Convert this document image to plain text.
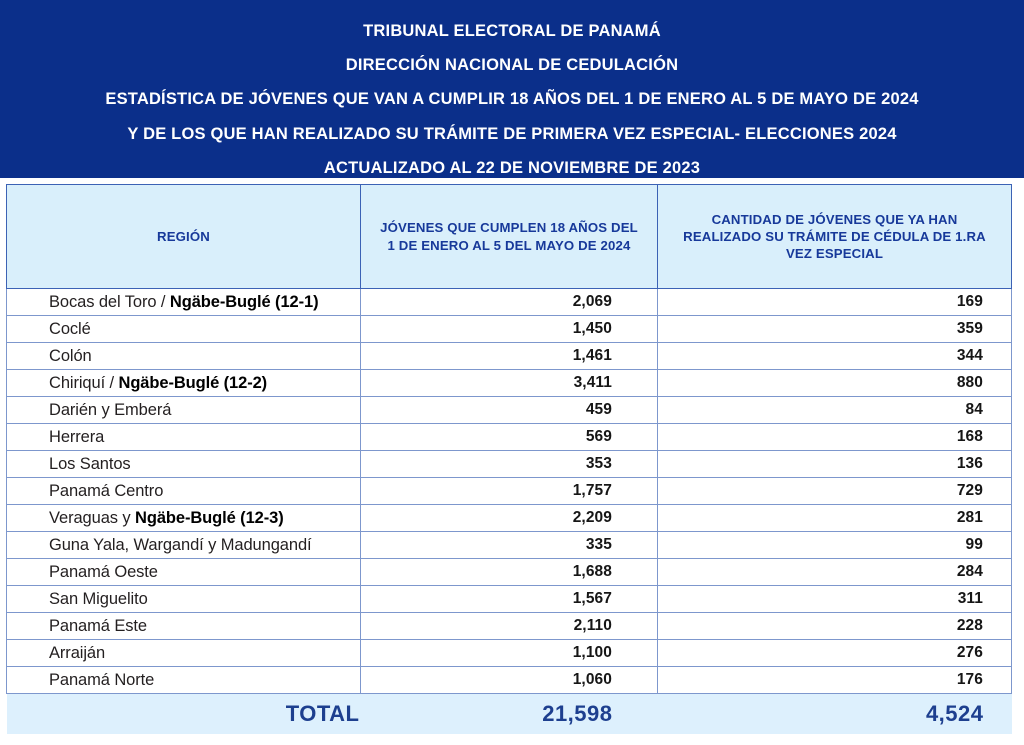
TRIBUNAL ELECTORAL DE PANAMÁ
DIRECCIÓN NACIONAL DE CEDULACIÓN
ESTADÍSTICA DE JÓVENES QUE VAN A CUMPLIR 18 AÑOS DEL 1 DE ENERO AL 5 DE MAYO DE 2024
Y DE LOS QUE HAN REALIZADO SU TRÁMITE DE PRIMERA VEZ ESPECIAL- ELECCIONES 2024
ACTUALIZADO AL 22 DE NOVIEMBRE DE 2023
REGIÓN	JÓVENES QUE CUMPLEN 18 AÑOS DEL 1 DE ENERO AL 5 DEL MAYO DE 2024	CANTIDAD DE JÓVENES QUE YA HAN REALIZADO SU TRÁMITE DE CÉDULA DE 1.RA VEZ ESPECIAL
Bocas del Toro / Ngäbe-Buglé (12-1)	2,069	169
Coclé	1,450	359
Colón	1,461	344
Chiriquí / Ngäbe-Buglé (12-2)	3,411	880
Darién y Emberá	459	84
Herrera	569	168
Los Santos	353	136
Panamá Centro	1,757	729
Veraguas y Ngäbe-Buglé (12-3)	2,209	281
Guna Yala, Wargandí y Madungandí	335	99
Panamá Oeste	1,688	284
San Miguelito	1,567	311
Panamá Este	2,110	228
Arraiján	1,100	276
Panamá Norte	1,060	176
TOTAL	21,598	4,524
